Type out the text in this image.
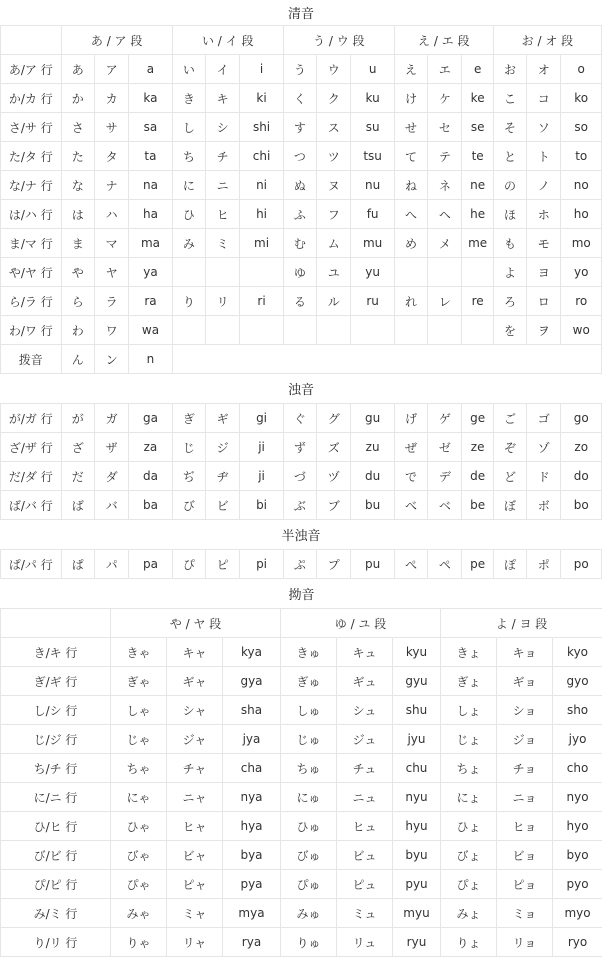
清音															
	あ / ア 段			い / イ 段			う / ウ 段			え / エ 段			お / オ 段		
あ/ア 行	あ	ア	a	い	イ	i	う	ウ	u	え	エ	e	お	オ	o
か/カ 行	か	カ	ka	き	キ	ki	く	ク	ku	け	ケ	ke	こ	コ	ko
さ/サ 行	さ	サ	sa	し	シ	shi	す	ス	su	せ	セ	se	そ	ソ	so
た/タ 行	た	タ	ta	ち	チ	chi	つ	ツ	tsu	て	テ	te	と	ト	to
な/ナ 行	な	ナ	na	に	ニ	ni	ぬ	ヌ	nu	ね	ネ	ne	の	ノ	no
は/ハ 行	は	ハ	ha	ひ	ヒ	hi	ふ	フ	fu	へ	ヘ	he	ほ	ホ	ho
ま/マ 行	ま	マ	ma	み	ミ	mi	む	ム	mu	め	メ	me	も	モ	mo
や/ヤ 行	や	ヤ	ya				ゆ	ユ	yu				よ	ヨ	yo
ら/ラ 行	ら	ラ	ra	り	リ	ri	る	ル	ru	れ	レ	re	ろ	ロ	ro
わ/ワ 行	わ	ワ	wa										を	ヲ	wo
拨音	ん	ン	n												
浊音															
が/ガ 行	が	ガ	ga	ぎ	ギ	gi	ぐ	グ	gu	げ	ゲ	ge	ご	ゴ	go
ざ/ザ 行	ざ	ザ	za	じ	ジ	ji	ず	ズ	zu	ぜ	ゼ	ze	ぞ	ゾ	zo
だ/ダ 行	だ	ダ	da	ぢ	ヂ	ji	づ	ヅ	du	で	デ	de	ど	ド	do
ば/バ 行	ば	バ	ba	び	ビ	bi	ぶ	ブ	bu	べ	ベ	be	ぼ	ボ	bo
半浊音
ぱ/パ 行	ぱ	パ	pa	ぴ	ピ	pi	ぷ	プ	pu	ぺ	ペ	pe	ぽ	ポ	po
拗音									
	や / ヤ 段			ゆ / ユ 段			よ / ヨ 段		
き/キ 行	きゃ	キャ	kya	きゅ	キュ	kyu	きょ	キョ	kyo
ぎ/ギ 行	ぎゃ	ギャ	gya	ぎゅ	ギュ	gyu	ぎょ	ギョ	gyo
し/シ 行	しゃ	シャ	sha	しゅ	シュ	shu	しょ	ショ	sho
じ/ジ 行	じゃ	ジャ	jya	じゅ	ジュ	jyu	じょ	ジョ	jyo
ち/チ 行	ちゃ	チャ	cha	ちゅ	チュ	chu	ちょ	チョ	cho
に/ニ 行	にゃ	ニャ	nya	にゅ	ニュ	nyu	にょ	ニョ	nyo
ひ/ヒ 行	ひゃ	ヒャ	hya	ひゅ	ヒュ	hyu	ひょ	ヒョ	hyo
び/ビ 行	びゃ	ビャ	bya	びゅ	ビュ	byu	びょ	ビョ	byo
ぴ/ピ 行	ぴゃ	ピャ	pya	ぴゅ	ピュ	pyu	ぴょ	ピョ	pyo
み/ミ 行	みゃ	ミャ	mya	みゅ	ミュ	myu	みょ	ミョ	myo
り/リ 行	りゃ	リャ	rya	りゅ	リュ	ryu	りょ	リョ	ryo
